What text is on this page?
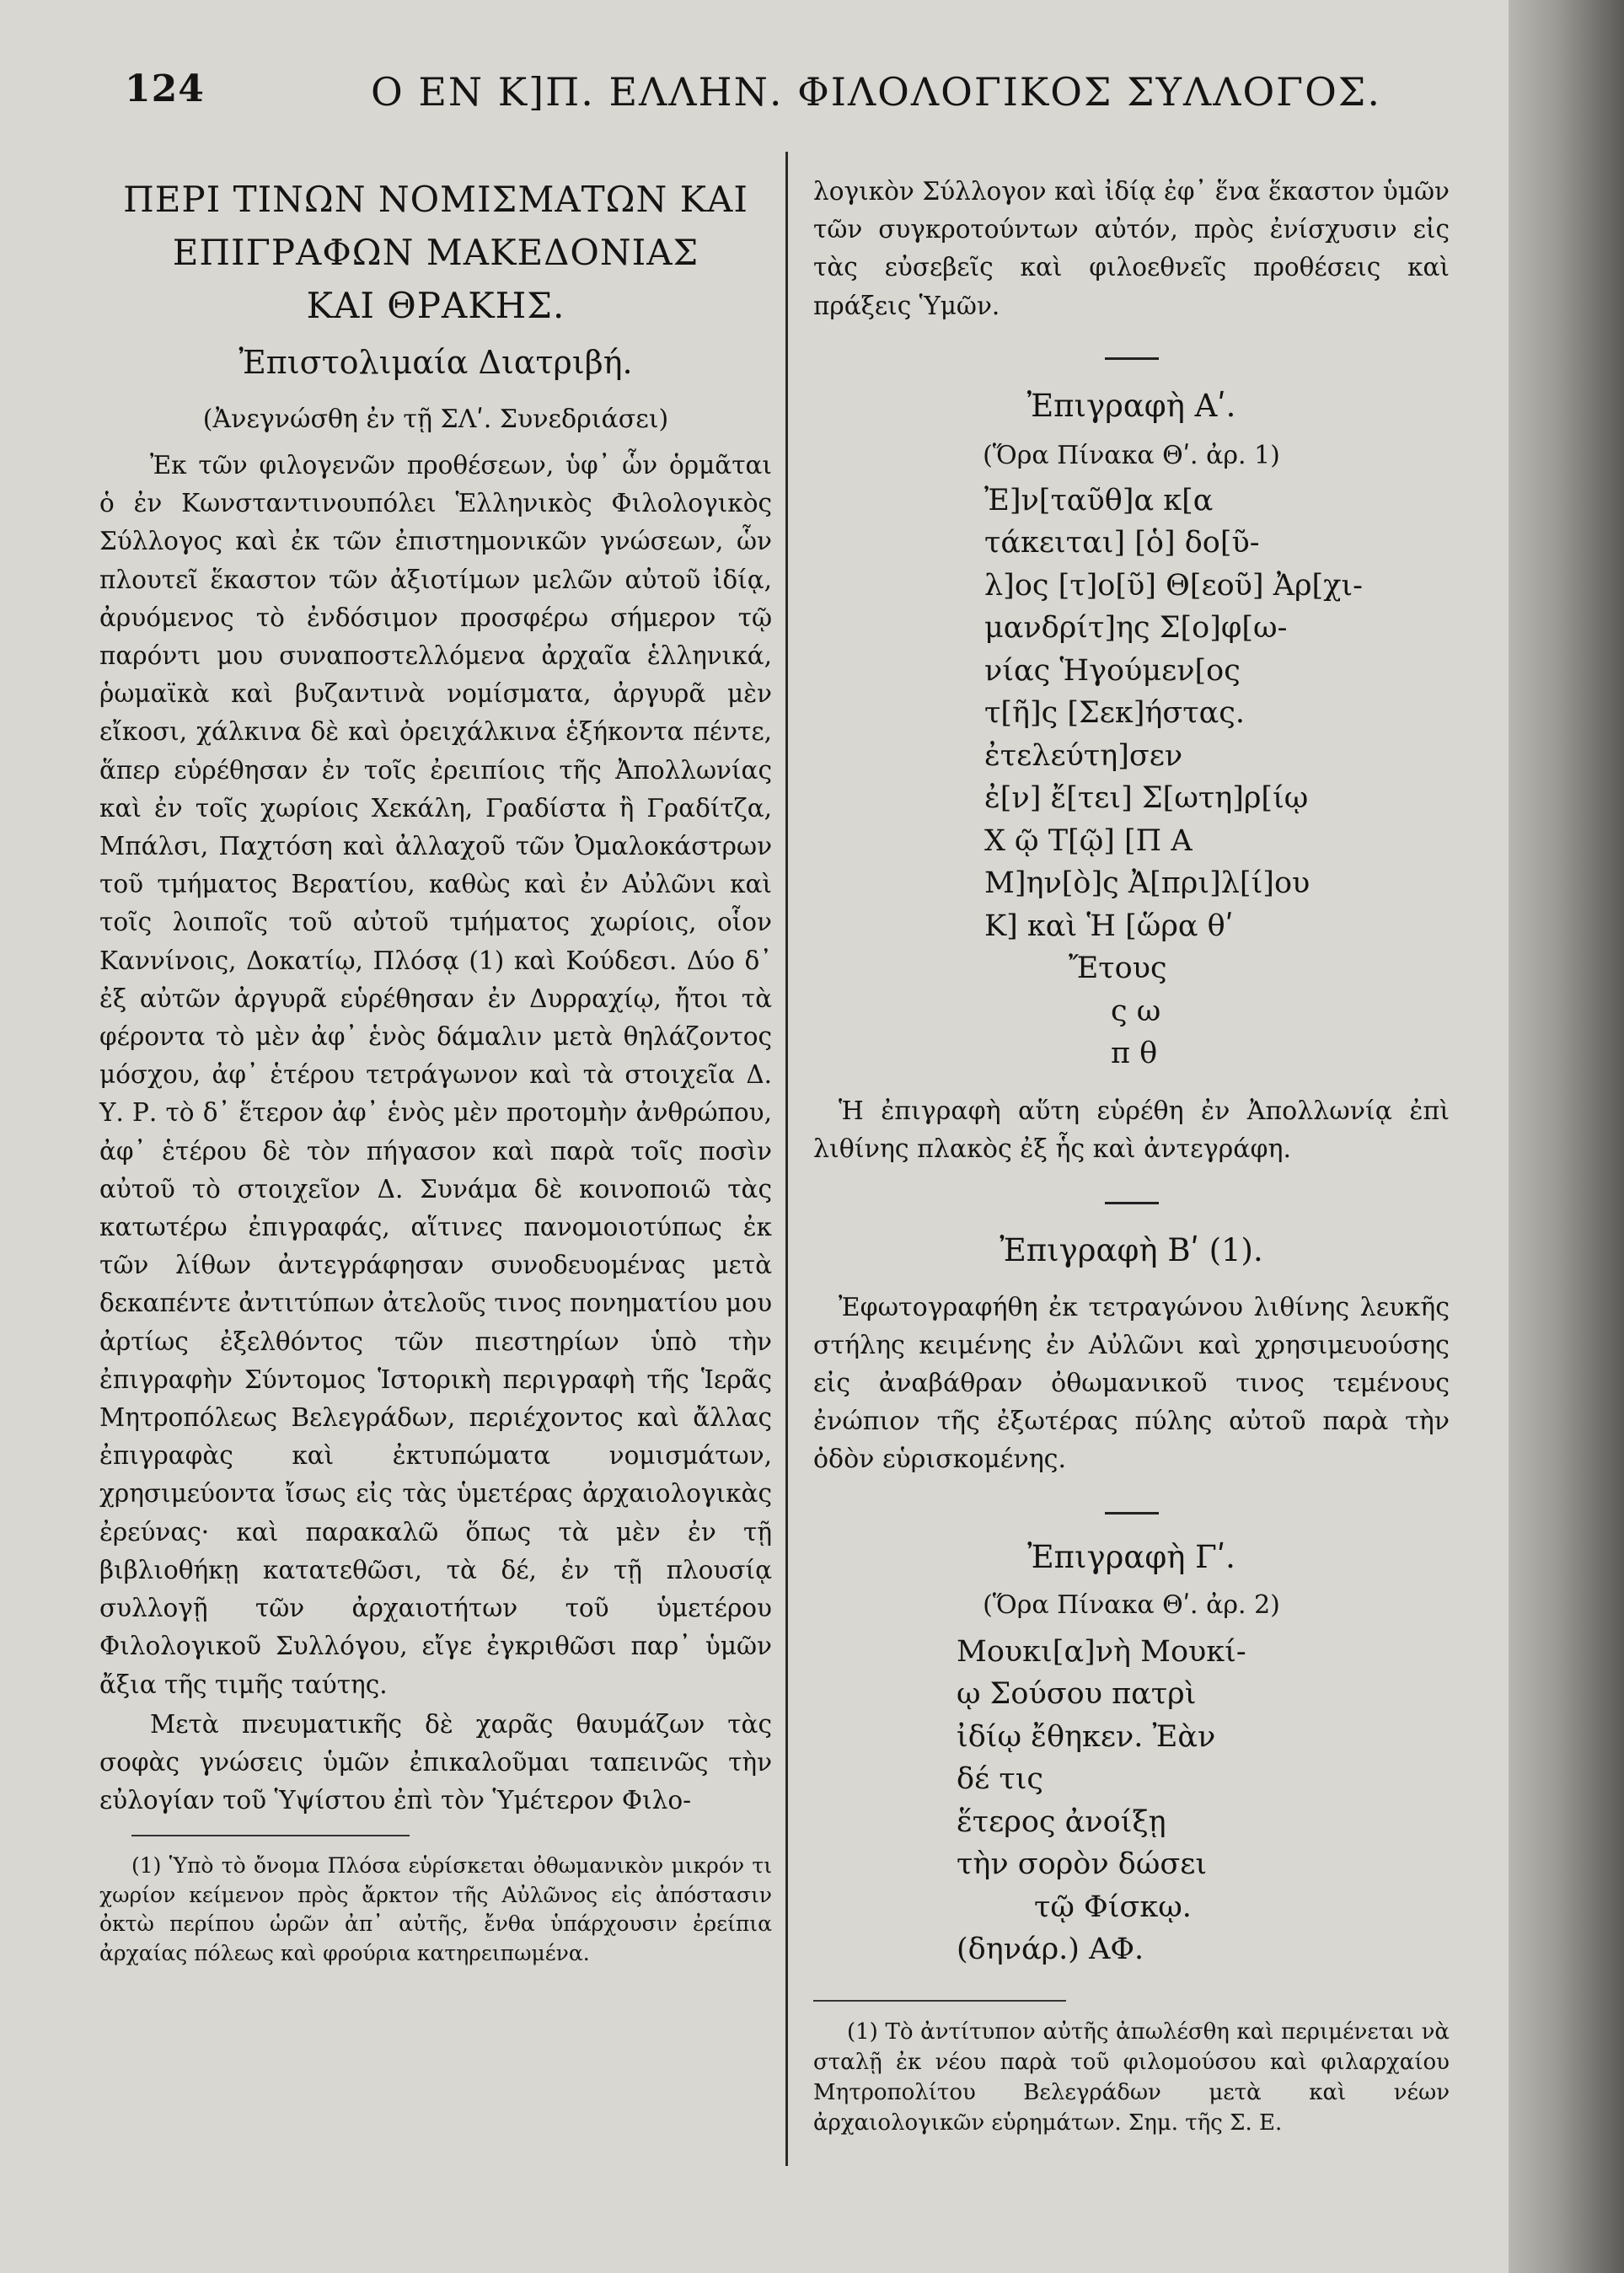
124	Ο ΕΝ Κ]Π. ΕΛΛΗΝ. ΦΙΛΟΛΟΓΙΚΟΣ ΣΥΛΛΟΓΟΣ.
ΠΕΡΙ ΤΙΝΩΝ ΝΟΜΙΣΜΑΤΩΝ ΚΑΙ
ΕΠΙΓΡΑΦΩΝ ΜΑΚΕΔΟΝΙΑΣ
ΚΑΙ ΘΡΑΚΗΣ.
Ἐπιστολιμαία Διατριβή.
(Ἀνεγνώσθη ἐν τῇ ΣΛʹ. Συνεδριάσει)

Ἐκ τῶν φιλογενῶν προθέσεων, ὑφ᾽ ὧν ὁρμᾶται ὁ ἐν Κωνσταντινουπόλει Ἑλληνικὸς Φιλολογικὸς Σύλλογος καὶ ἐκ τῶν ἐπιστημονικῶν γνώσεων, ὧν πλουτεῖ ἕκαστον τῶν ἀξιοτίμων μελῶν αὐτοῦ ἰδίᾳ, ἀρυόμενος τὸ ἐνδόσιμον προσφέρω σήμερον τῷ παρόντι μου συναποστελλόμενα ἀρχαῖα ἑλληνικά, ῥωμαϊκὰ καὶ βυζαντινὰ νομίσματα, ἀργυρᾶ μὲν εἴκοσι, χάλκινα δὲ καὶ ὀρειχάλκινα ἑξήκοντα πέντε, ἅπερ εὑρέθησαν ἐν τοῖς ἐρειπίοις τῆς Ἀπολλωνίας καὶ ἐν τοῖς χωρίοις Χεκάλη, Γραδίστα ἢ Γραδίτζα, Μπάλσι, Παχτόση καὶ ἀλλαχοῦ τῶν Ὀμαλοκάστρων τοῦ τμήματος Βερατίου, καθὼς καὶ ἐν Αὐλῶνι καὶ τοῖς λοιποῖς τοῦ αὐτοῦ τμήματος χωρίοις, οἷον Καννίνοις, Δοκατίῳ, Πλόσᾳ (1) καὶ Κούδεσι. Δύο δ᾽ ἐξ αὐτῶν ἀργυρᾶ εὑρέθησαν ἐν Δυρραχίῳ, ἤτοι τὰ φέροντα τὸ μὲν ἀφ᾽ ἑνὸς δάμαλιν μετὰ θηλάζοντος μόσχου, ἀφ᾽ ἑτέρου τετράγωνον καὶ τὰ στοιχεῖα Δ. Υ. Ρ. τὸ δ᾽ ἕτερον ἀφ᾽ ἑνὸς μὲν προτομὴν ἀνθρώπου, ἀφ᾽ ἑτέρου δὲ τὸν πήγασον καὶ παρὰ τοῖς ποσὶν αὐτοῦ τὸ στοιχεῖον Δ. Συνάμα δὲ κοινοποιῶ τὰς κατωτέρω ἐπιγραφάς, αἵτινες πανομοιοτύπως ἐκ τῶν λίθων ἀντεγράφησαν συνοδευομένας μετὰ δεκαπέντε ἀντιτύπων ἀτελοῦς τινος πονηματίου μου ἀρτίως ἐξελθόντος τῶν πιεστηρίων ὑπὸ τὴν ἐπιγραφὴν Σύντομος Ἱστορικὴ περιγραφὴ τῆς Ἱερᾶς Μητροπόλεως Βελεγράδων, περιέχοντος καὶ ἄλλας ἐπιγραφὰς καὶ ἐκτυπώματα νομισμάτων, χρησιμεύοντα ἴσως εἰς τὰς ὑμετέρας ἀρχαιολογικὰς ἐρεύνας· καὶ παρακαλῶ ὅπως τὰ μὲν ἐν τῇ βιβλιοθήκῃ κατατεθῶσι, τὰ δέ, ἐν τῇ πλουσίᾳ συλλογῇ τῶν ἀρχαιοτήτων τοῦ ὑμετέρου Φιλολογικοῦ Συλλόγου, εἴγε ἐγκριθῶσι παρ᾽ ὑμῶν ἄξια τῆς τιμῆς ταύτης.

Μετὰ πνευματικῆς δὲ χαρᾶς θαυμάζων τὰς σοφὰς γνώσεις ὑμῶν ἐπικαλοῦμαι ταπεινῶς τὴν εὐλογίαν τοῦ Ὑψίστου ἐπὶ τὸν Ὑμέτερον Φιλο-

(1) Ὑπὸ τὸ ὄνομα Πλόσα εὑρίσκεται ὀθωμανικὸν μικρόν τι χωρίον κείμενον πρὸς ἄρκτον τῆς Αὐλῶνος εἰς ἀπόστασιν ὀκτὼ περίπου ὡρῶν ἀπ᾽ αὐτῆς, ἔνθα ὑπάρχουσιν ἐρείπια ἀρχαίας πόλεως καὶ φρούρια κατηρειπωμένα.

λογικὸν Σύλλογον καὶ ἰδίᾳ ἐφ᾽ ἕνα ἕκαστον ὑμῶν τῶν συγκροτούντων αὐτόν, πρὸς ἐνίσχυσιν εἰς τὰς εὐσεβεῖς καὶ φιλοεθνεῖς προθέσεις καὶ πράξεις Ὑμῶν.

Ἐπιγραφὴ Αʹ.
(Ὅρα Πίνακα Θʹ. ἀρ. 1)
Ἐ]ν[ταῦθ]α κ[α
τάκειται] [ὁ] δο[ῦ-
λ]ος [τ]ο[ῦ] Θ[εοῦ] Ἀρ[χι-
μανδρίτ]ης Σ[ο]φ[ω-
νίας Ἡγούμεν[ος
τ[ῆ]ς [Σεκ]ήστας.
ἐτελεύτη]σεν
ἐ[ν] ἔ[τει] Σ[ωτη]ρ[ίῳ
Χ ῷ Τ[ῷ] [Π Α
Μ]ην[ὸ]ς Ἀ[πρι]λ[ί]ου
Κ] καὶ Ἡ [ὥρα θʹ
Ἔτους
ς ω
π θ

Ἡ ἐπιγραφὴ αὕτη εὑρέθη ἐν Ἀπολλωνίᾳ ἐπὶ λιθίνης πλακὸς ἐξ ἧς καὶ ἀντεγράφη.

Ἐπιγραφὴ Βʹ (1).

Ἐφωτογραφήθη ἐκ τετραγώνου λιθίνης λευκῆς στήλης κειμένης ἐν Αὐλῶνι καὶ χρησιμευούσης εἰς ἀναβάθραν ὀθωμανικοῦ τινος τεμένους ἐνώπιον τῆς ἐξωτέρας πύλης αὐτοῦ παρὰ τὴν ὁδὸν εὑρισκομένης.

Ἐπιγραφὴ Γʹ.
(Ὅρα Πίνακα Θʹ. ἀρ. 2)
Μουκι[α]νὴ Μουκί-
ῳ Σούσου πατρὶ
ἰδίῳ ἔθηκεν. Ἐὰν
δέ τις
ἕτερος ἀνοίξῃ
τὴν σορὸν δώσει
τῷ Φίσκῳ.
(δηνάρ.) ΑΦ.

(1) Τὸ ἀντίτυπον αὐτῆς ἀπωλέσθη καὶ περιμένεται νὰ σταλῇ ἐκ νέου παρὰ τοῦ φιλομούσου καὶ φιλαρχαίου Μητροπολίτου Βελεγράδων μετὰ καὶ νέων ἀρχαιολογικῶν εὑρημάτων. Σημ. τῆς Σ. Ε.
